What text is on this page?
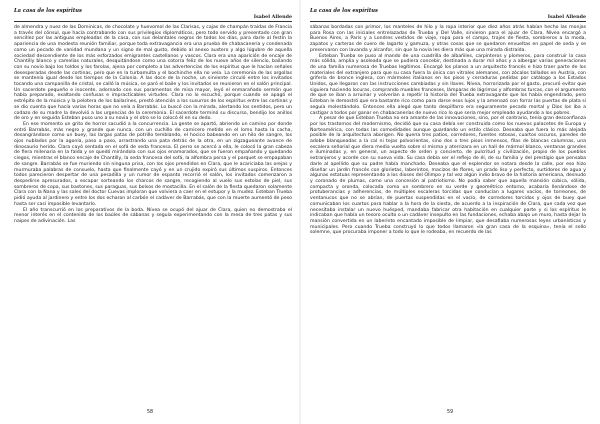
La casa de los espíritus
Isabel Allende

de almendra y nuez de las Dominicas, de chocolate y huevomol de las Clarisas, y cajas de champán traídas de Francia a través del cónsul, que hacía contrabando con sus privilegios diplomáticos, pero todo servido y presentado con gran sencillez por las antiguas empleadas de la casa, con sus delantales negros de todos los días, para darle al festín la apariencia de una modesta reunión familiar, porque toda extravagancia era una prueba de chabacanería y condenada como un pecado de vanidad mundana y un signo de mal gusto, debido al anexo austero y algo lúgubre de aquella sociedad descendiente de los más esforzados emigrantes castellanos y vascos. Clara era una aparición de encaje de Chantilly blanco y camelias naturales, desquitándose como una cotorra feliz de los nueve años de silencio, bailando con su novio bajo los toldos y los farolas, ajena por completo a las advertencias de los espíritus que le hacían señales desesperadas desde las cortinas, pero que en la turbamulta y el bochinche ella no veía. La ceremonia de las argollas se mantenía igual desde los tiempos de la Colonia. A las doce de la noche, un sirviente circuló entre los invitados tocando una campanilla de cristal, se calló la música, se paró el baile y los invitados se reunieron en el salón principal. Un sacerdote pequeño e inocente, adornado con sus paramentos de misa mayor, leyó el enmarañado sermón que había preparado, exaltando confusas e impracticables virtudes. Clara no lo escuchó, porque cuando se apagó el estrépito de la música y la pelotera de los bailarines, prestó atención a los susurros de los espíritus entre las cortinas y se dio cuenta que hacía varias horas que no veía a Barrabás. Lo buscó con la mirada, alertando los sentidos, pero un codazo de su madre la devolvió a las urgencias de la ceremonia. El sacerdote terminó su discurso, bendijo los anillos de oro y en seguida Esteban puso uno a su novia y el otro se lo colocó él en su dedo.

En ese momento un grito de horror sacudió a la concurrencia. La gente se apartó, abriendo un camino por donde entró Barrabás, más negro y grande que nunca, con un cuchillo de carnicero metido en el lomo hasta la cacha, desangrándose como un buey, las largas patas de potrillo temblando, el hocico babeando en un hilo de sangre, los ojos nublados por la agonía, paso a paso, arrastrando una pata detrás de la otra, en un zigzagueante avance de dinosaurio herido. Clara cayó sentada en el sofá de seda francesa. El perro se acercó a ella, le colocó la gran cabeza de fiera milenaria en la falda y se quedó mirándola con sus ojos enamorados, que se fueron empañando y quedando ciegos, mientras el blanco encaje de Chantilly, la seda francesa del sofá, la alfombra persa y el parquet se empapaban de sangre. Barrabás se fue muriendo sin ninguna prisa, con los ojos prendidos en Clara, que le acariciaba las orejas y murmuraba palabras de consuelo, hasta que finalmente cayó y en un crujido expiró sus últimos suspiros. Entonces todos parecieron despertar de una pesadilla y un rumor de espanto recorrió el salón, los invitados comenzaron a despedirse apresurados, a escapar sorteando los charcos de sangre, recogiendo al vuelo sus estolas de piel, sus sombreros de copa, sus bastones, sus paraguas, sus bolsos de mostacilla. En el salón de la fiesta quedaron solamente Clara con la Nana y las sales del doctor Cuevas imploran que volviera a caer en el estupor y la mudez. Esteban Trueba pidió ayuda al jardinero y entre los dos echaron al carbón el cadáver de Barrabás, que con la muerte aumentó de peso hasta ser casi imposible levantarlo.

El año transcurrió en los preparativos de la boda. Nívea se ocupó del ajuar de Clara, quien no demostraba el menor interés en el contenido de los baúles de sábanas y seguía experimentando con la mesa de tres patas y sus naipes de adivinación. Las

58
La casa de los espíritus
Isabel Allende

sábanas bordadas con primor, los manteles de hilo y la ropa interior que diez años atrás habían hecho las monjas para Rosa con las iniciales entrelazadas de Trueba y Del Valle, sirvieron para el ajuar de Clara. Nívea encargó a Buenos Aires, a París y a Londres vestidos de viaje, ropa para el campo, trajes de fiesta, sombreros a la moda, zapatos y carteras de cuero de lagarto y gamuza, y otras cosas que se quedaron envueltas en papel de seda y se preservaron con lavanda y alcanfor, sin que la novia les diera más que una mirada distraída.

Esteban Trueba se puso al mando de una cuadrilla de albañiles, carpinteros y plomeros, para construir la casa más sólida, amplia y asoleada que se pudiera concebir, destinada a durar mil años y a albergar varias generaciones de una familia numerosa de Truebas legítimos. Encargó los planos a un arquitecto francés e hizo traer parte de los materiales del extranjero para que su casa fuera la única con vitrales alemanes, con zócalos tallados en Austria, con grifería de bronce inglesa, con mármoles italianos en los pisos y cerraduras pedidas por catálogo a los Estados Unidos, que llegaron con las instrucciones cambiadas y sin llaves. Nívea, horrorizada por el gasto, procuró evitar que siguiera haciendo locuras, comprando muebles franceses, lámparas de lágrimas y alfombras turcas, con el argumento de que se iban a arruinar y volverían a repetir la historia del Trueba extravagante que los había engendrado, pero Esteban le demostró que era bastante rico como para darse esos lujos y la amenazó con forrar las puertas de plata si seguía molestándolo. Entonces ella alegó que tanto despilfarro era seguramente pecado mortal y Dios los iba a castigar a todos por ganar en chabacanerías de nuevo rico lo que sería mejor empleado ayudando a los pobres.

A pesar de que Esteban Trueba no era amante de las innovaciones, sino, por el contrario, tenía gran desconfianza por los trastornos del modernismo, decidió que su casa debía ser construida como los nuevos palacetes de Europa y Norteamérica, con todas las comodidades aunque guardando un estilo clásico. Deseaba que fuera lo más alejada posible de la arquitectura aborigen. No quería tres patios, corredores, fuentes rotosas, cuartos oscuros, paredes de adobe blanqueadas a la cal ni tejas polvorientas, sino dos o tres pisos inmensos, filas de blancas columnas, una escalera señorial que diera media vuelta sobre sí misma y aterrizara en un hall de mármol blanco, ventanas grandes e iluminadas y, en general, un aspecto de orden y concierto, de pulcritud y civilización, propio de los pueblos extranjeros y acorde con su nueva vida. Su casa debía ser el reflejo de él, de su familia y del prestigio que pensaba darle al apellido que su padre había manchado. Deseaba que el esplendor se notara desde la calle, por eso hizo diseñar un jardín francés con glorietas, laberintos, macizos de flores, un prado liso y perfecto, surtidores de agua y algunas estatuas representando a los dioses del Olimpo y tal vez algún indio bravo de la historia americana, desnudo y coronado de plumas, como una concesión al patriotismo. No podía saber que aquella mansión cúbica, sólida, compacta y oronda, colocada como un sombrero en su verde y geométrico entorno, acabaría llenándose de protuberancias y adherencias, de múltiples escaleras torcidas que conducían a lugares vacíos, de torreones, de ventanucos que no se abrían, de puertas suspendidas en el vacío, de corredores torcidos y ojos de buey que comunicaban los cuartos para hablar a la hora de la siesta, de acuerdo a la inspiración de Clara, que cada vez que necesitaba instalar un nuevo huésped, mandaba fabricar otra habitación en cualquier parte y si los espíritus le indicaban que había un tesoro oculto o un cadáver insepulto en las fundaciones, echaba abajo un muro, hasta dejar la mansión convertida en un laberinto encantado imposible de limpiar, que desafiaba numerosas leyes urbanísticas y municipales. Pero cuando Trueba construyó lo que todos llamaron «la gran casa de la esquina», tenía el sello solemne, que procuraba imponer a todo lo que le rodeaba, en recuerdo de las

59
